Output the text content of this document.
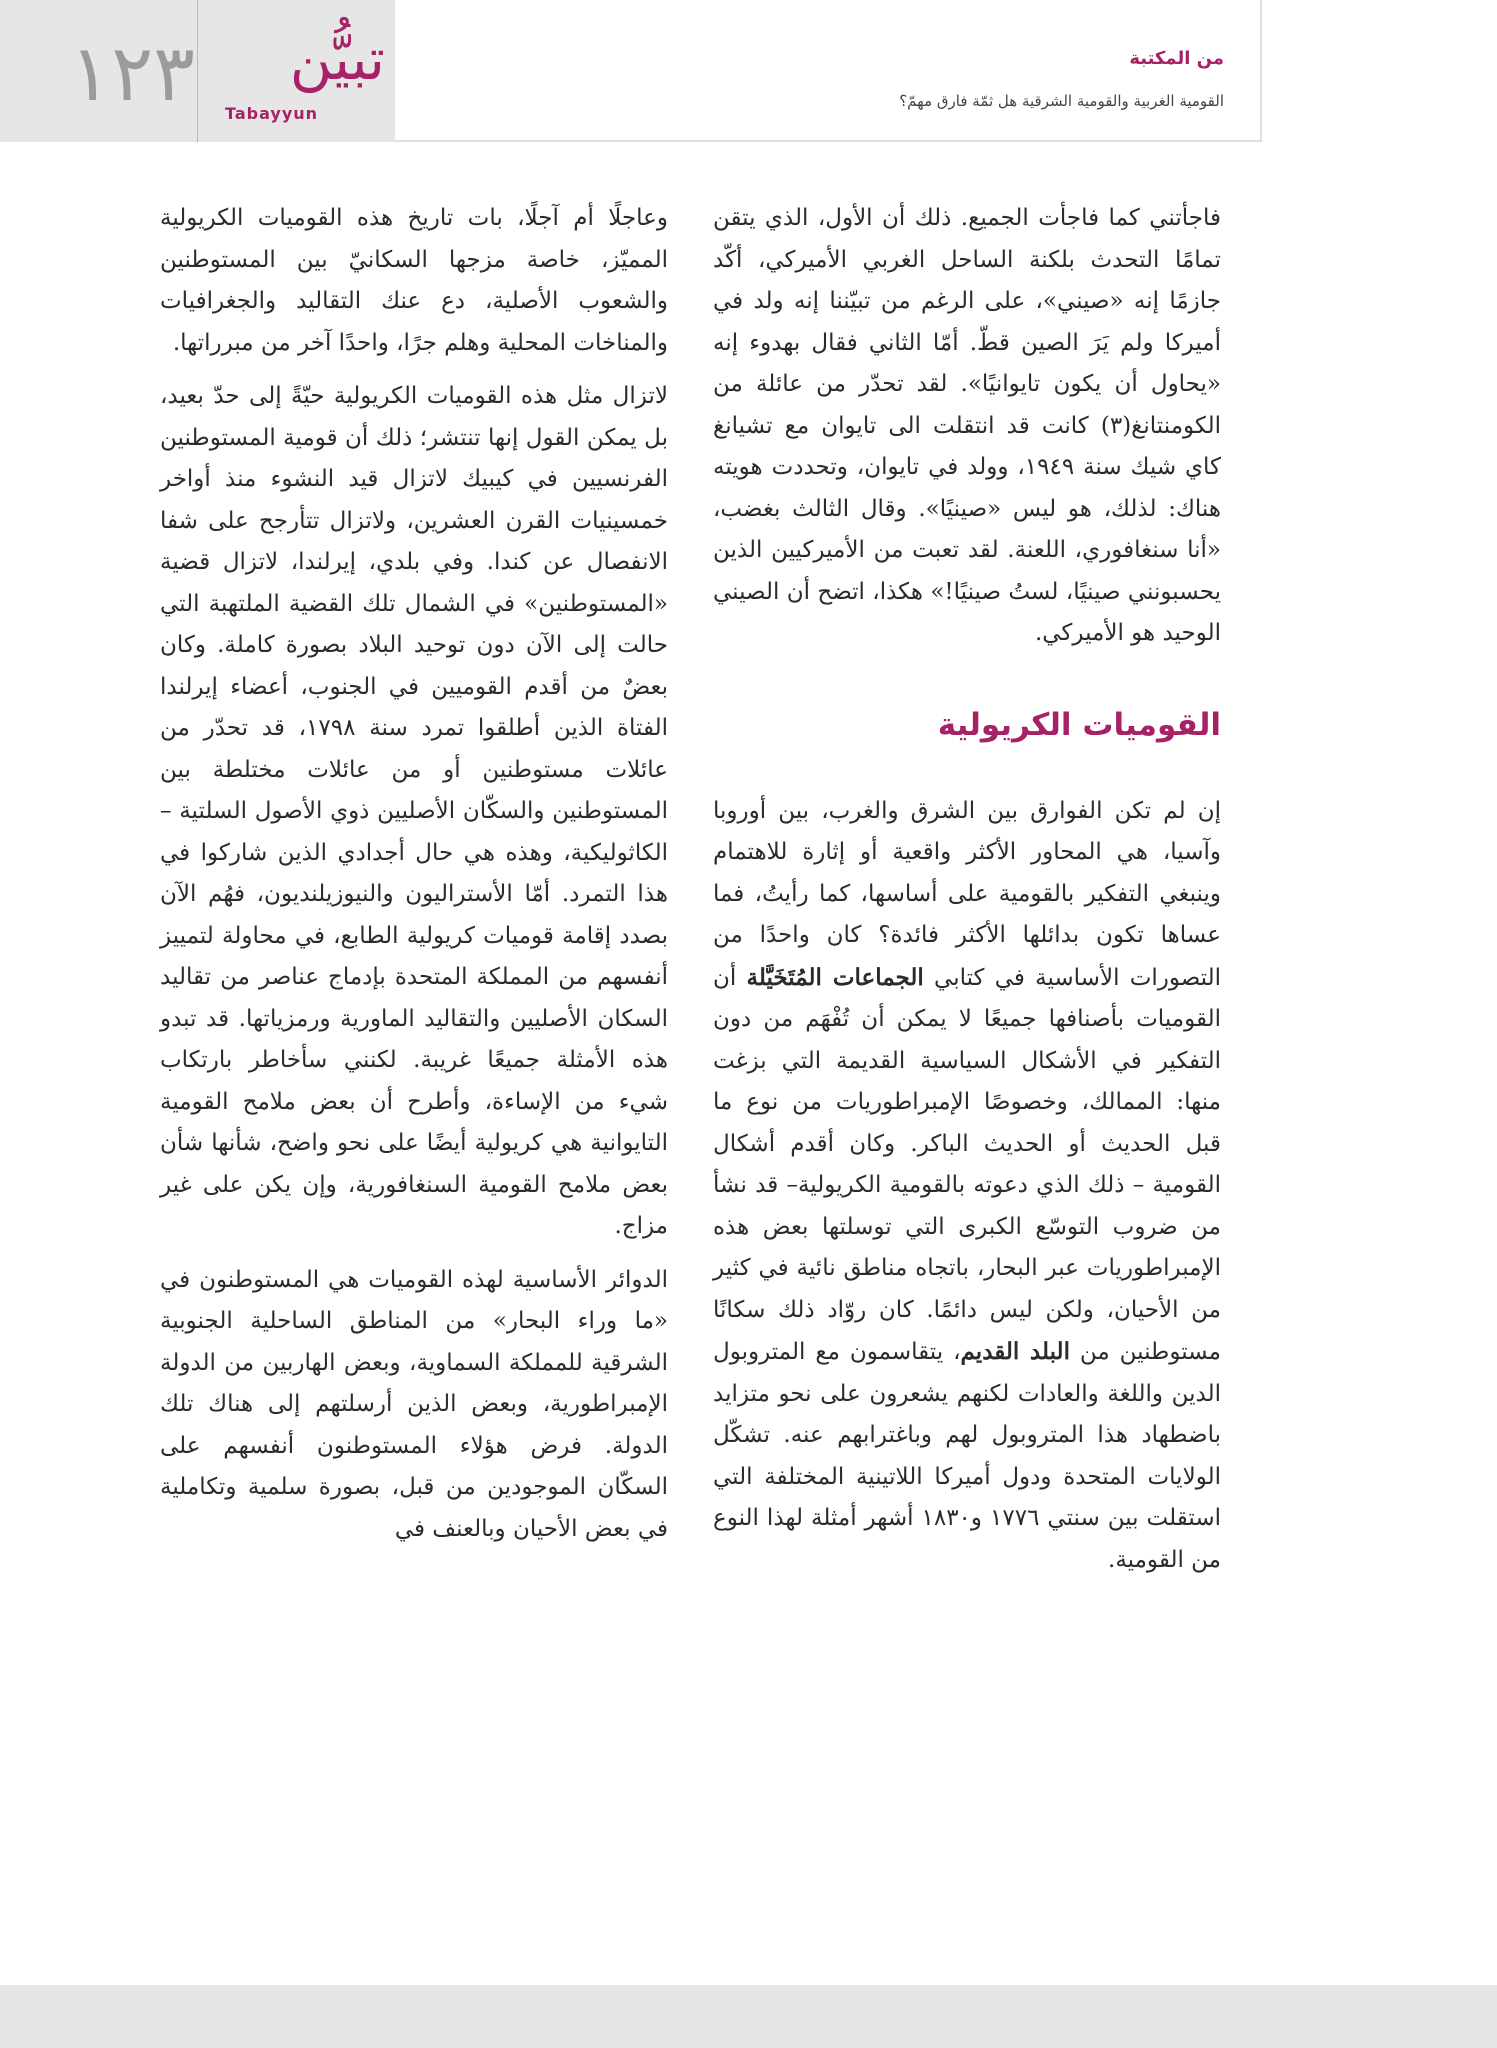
١٢٣	تبيُّن
Tabayyun
من المكتبة
القومية الغربية والقومية الشرقية هل ثمّة فارق مهمّ؟

فاجأتني كما فاجأت الجميع. ذلك أن الأول، الذي يتقن تمامًا التحدث بلكنة الساحل الغربي الأميركي، أكّد جازمًا إنه «صيني»، على الرغم من تبيّننا إنه ولد في أميركا ولم يَرَ الصين قطّ. أمّا الثاني فقال بهدوء إنه «يحاول أن يكون تايوانيًا». لقد تحدّر من عائلة من الكومنتانغ(٣) كانت قد انتقلت الى تايوان مع تشيانغ كاي شيك سنة ١٩٤٩، وولد في تايوان، وتحددت هويته هناك: لذلك، هو ليس «صينيًا». وقال الثالث بغضب، «أنا سنغافوري، اللعنة. لقد تعبت من الأميركيين الذين يحسبونني صينيًا، لستُ صينيًا!» هكذا، اتضح أن الصيني الوحيد هو الأميركي.

القوميات الكريولية

إن لم تكن الفوارق بين الشرق والغرب، بين أوروبا وآسيا، هي المحاور الأكثر واقعية أو إثارة للاهتمام وينبغي التفكير بالقومية على أساسها، كما رأيتُ، فما عساها تكون بدائلها الأكثر فائدة؟ كان واحدًا من التصورات الأساسية في كتابي الجماعات المُتَخَيَّلة أن القوميات بأصنافها جميعًا لا يمكن أن تُفْهَم من دون التفكير في الأشكال السياسية القديمة التي بزغت منها: الممالك، وخصوصًا الإمبراطوريات من نوع ما قبل الحديث أو الحديث الباكر. وكان أقدم أشكال القومية – ذلك الذي دعوته بالقومية الكريولية– قد نشأ من ضروب التوسّع الكبرى التي توسلتها بعض هذه الإمبراطوريات عبر البحار، باتجاه مناطق نائية في كثير من الأحيان، ولكن ليس دائمًا. كان روّاد ذلك سكانًا مستوطنين من البلد القديم، يتقاسمون مع المتروبول الدين واللغة والعادات لكنهم يشعرون على نحو متزايد باضطهاد هذا المتروبول لهم وباغترابهم عنه. تشكّل الولايات المتحدة ودول أميركا اللاتينية المختلفة التي استقلت بين سنتي ١٧٧٦ و١٨٣٠ أشهر أمثلة لهذا النوع من القومية.

وعاجلًا أم آجلًا، بات تاريخ هذه القوميات الكريولية المميّز، خاصة مزجها السكانيّ بين المستوطنين والشعوب الأصلية، دع عنك التقاليد والجغرافيات والمناخات المحلية وهلم جرًا، واحدًا آخر من مبرراتها.

لاتزال مثل هذه القوميات الكريولية حيّةً إلى حدّ بعيد، بل يمكن القول إنها تنتشر؛ ذلك أن قومية المستوطنين الفرنسيين في كيبيك لاتزال قيد النشوء منذ أواخر خمسينيات القرن العشرين، ولاتزال تتأرجح على شفا الانفصال عن كندا. وفي بلدي، إيرلندا، لاتزال قضية «المستوطنين» في الشمال تلك القضية الملتهبة التي حالت إلى الآن دون توحيد البلاد بصورة كاملة. وكان بعضٌ من أقدم القوميين في الجنوب، أعضاء إيرلندا الفتاة الذين أطلقوا تمرد سنة ١٧٩٨، قد تحدّر من عائلات مستوطنين أو من عائلات مختلطة بين المستوطنين والسكّان الأصليين ذوي الأصول السلتية – الكاثوليكية، وهذه هي حال أجدادي الذين شاركوا في هذا التمرد. أمّا الأستراليون والنيوزيلنديون، فهُم الآن بصدد إقامة قوميات كريولية الطابع، في محاولة لتمييز أنفسهم من المملكة المتحدة بإدماج عناصر من تقاليد السكان الأصليين والتقاليد الماورية ورمزياتها. قد تبدو هذه الأمثلة جميعًا غريبة. لكنني سأخاطر بارتكاب شيء من الإساءة، وأطرح أن بعض ملامح القومية التايوانية هي كريولية أيضًا على نحو واضح، شأنها شأن بعض ملامح القومية السنغافورية، وإن يكن على غير مزاج.

الدوائر الأساسية لهذه القوميات هي المستوطنون في «ما وراء البحار» من المناطق الساحلية الجنوبية الشرقية للمملكة السماوية، وبعض الهاربين من الدولة الإمبراطورية، وبعض الذين أرسلتهم إلى هناك تلك الدولة. فرض هؤلاء المستوطنون أنفسهم على السكّان الموجودين من قبل، بصورة سلمية وتكاملية في بعض الأحيان وبالعنف في
